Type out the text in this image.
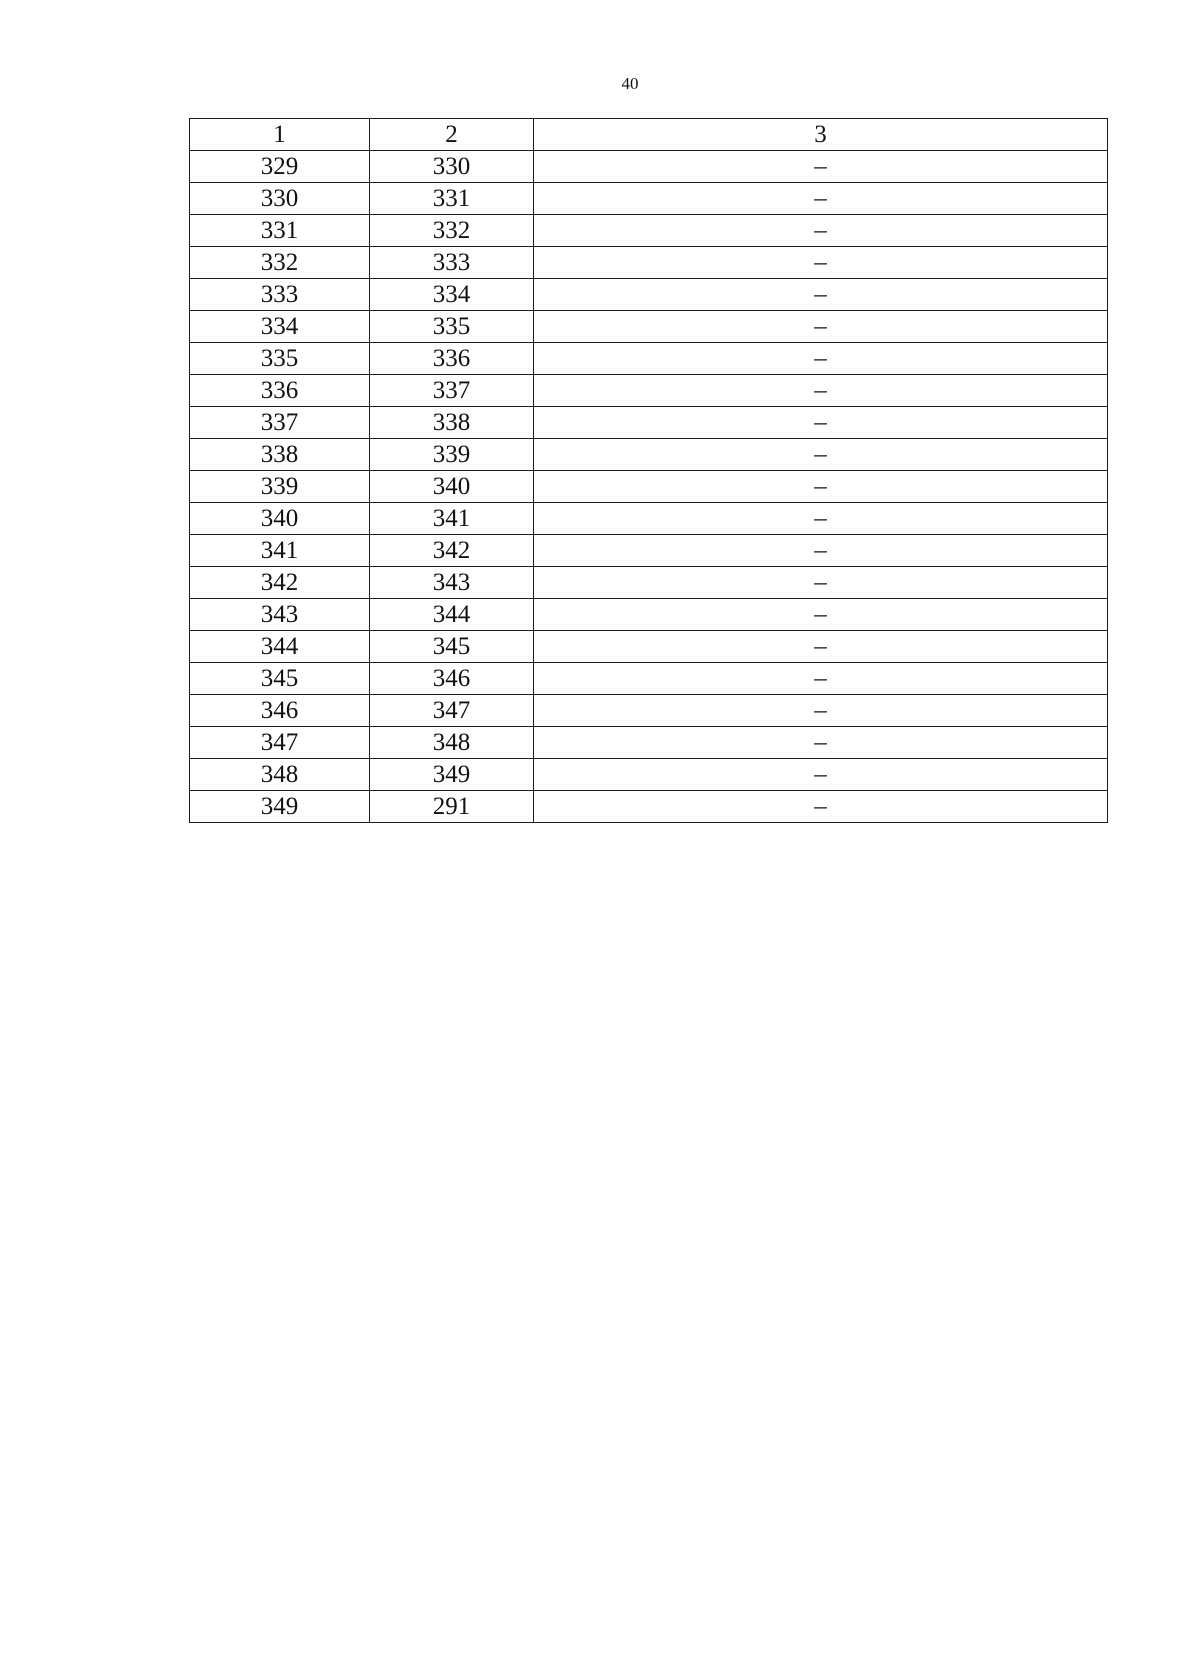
40
1	2	3
329	330	–
330	331	–
331	332	–
332	333	–
333	334	–
334	335	–
335	336	–
336	337	–
337	338	–
338	339	–
339	340	–
340	341	–
341	342	–
342	343	–
343	344	–
344	345	–
345	346	–
346	347	–
347	348	–
348	349	–
349	291	–
